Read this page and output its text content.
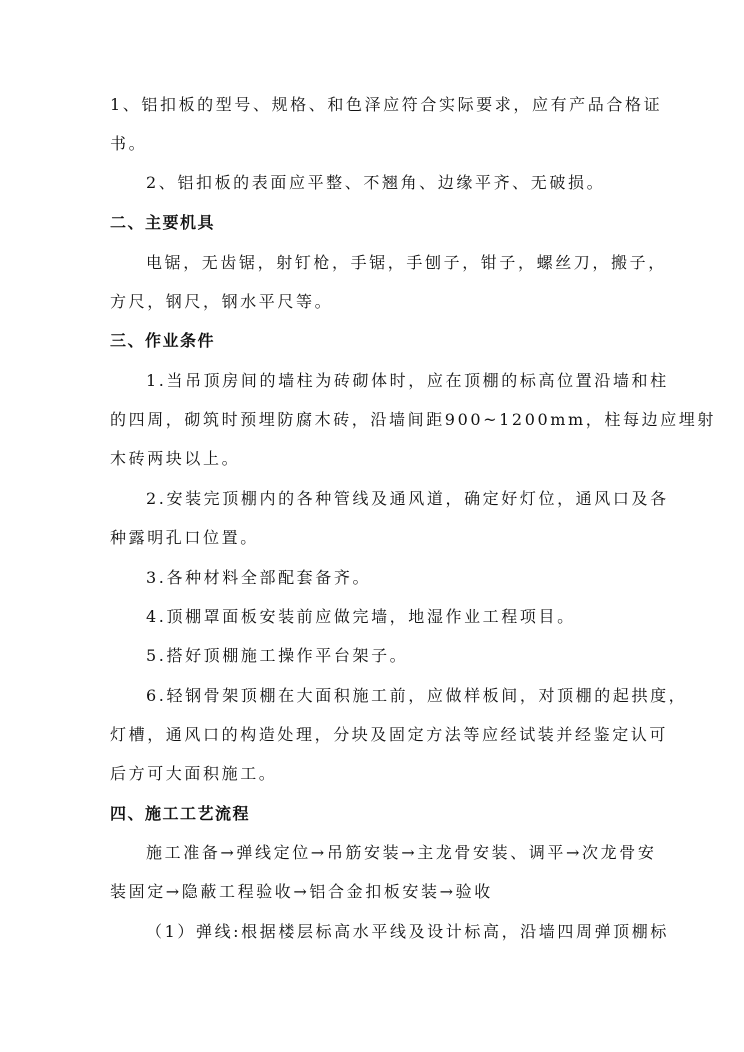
1、铝扣板的型号、规格、和色泽应符合实际要求，应有产品合格证
书。
2、铝扣板的表面应平整、不翘角、边缘平齐、无破损。
二、主要机具
电锯，无齿锯，射钉枪，手锯，手刨子，钳子，螺丝刀，搬子，
方尺，钢尺，钢水平尺等。
三、作业条件
1.当吊顶房间的墙柱为砖砌体时，应在顶棚的标高位置沿墙和柱
的四周，砌筑时预埋防腐木砖，沿墙间距900~1200mm，柱每边应埋射
木砖两块以上。
2.安装完顶棚内的各种管线及通风道，确定好灯位，通风口及各
种露明孔口位置。
3.各种材料全部配套备齐。
4.顶棚罩面板安装前应做完墙，地湿作业工程项目。
5.搭好顶棚施工操作平台架子。
6.轻钢骨架顶棚在大面积施工前，应做样板间，对顶棚的起拱度，
灯槽，通风口的构造处理，分块及固定方法等应经试装并经鉴定认可
后方可大面积施工。
四、施工工艺流程
施工准备→弹线定位→吊筋安装→主龙骨安装、调平→次龙骨安
装固定→隐蔽工程验收→铝合金扣板安装→验收
（1）弹线:根据楼层标高水平线及设计标高，沿墙四周弹顶棚标
